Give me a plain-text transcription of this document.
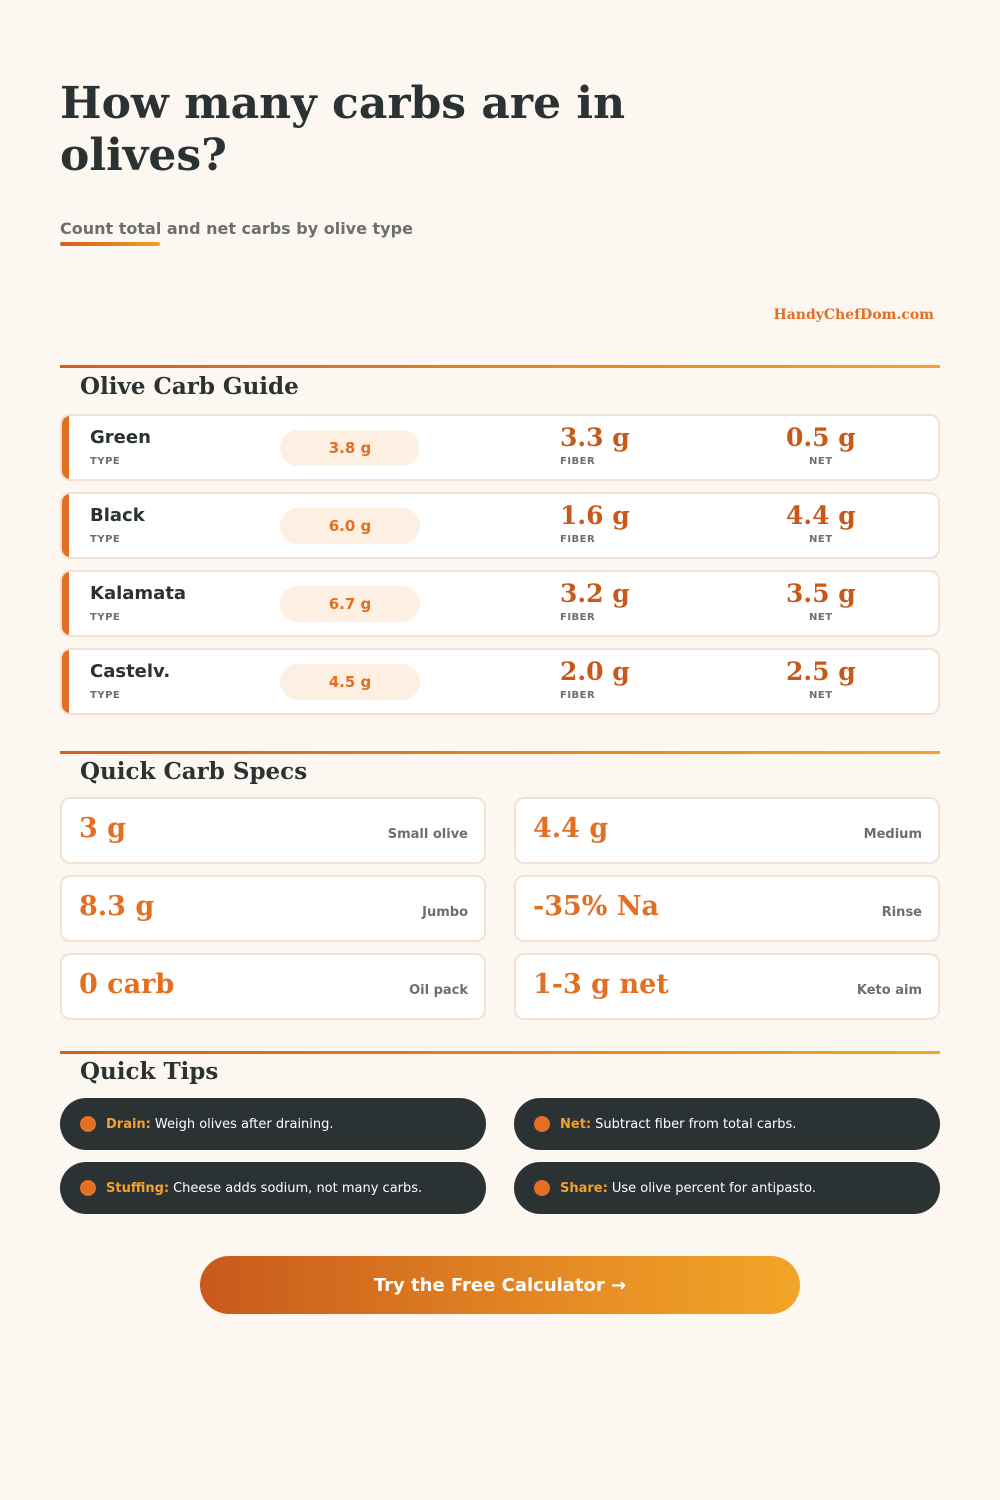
How many carbs are in olives?
Count total and net carbs by olive type
HandyChefDom.com
Olive Carb Guide
Green
TYPE
3.8 g	3.3 g
FIBER
0.5 g
NET
Black
TYPE
6.0 g	1.6 g
FIBER
4.4 g
NET
Kalamata
TYPE
6.7 g	3.2 g
FIBER
3.5 g
NET
Castelv.
TYPE
4.5 g	2.0 g
FIBER
2.5 g
NET
Quick Carb Specs
3 g	Small olive 4.4 g	Medium
8.3 g	Jumbo -35% Na	Rinse
0 carb	Oil pack 1-3 g net	Keto aim
Quick Tips
Drain: Weigh olives after draining.	Net: Subtract fiber from total carbs.
Stuffing: Cheese adds sodium, not many carbs.	Share: Use olive percent for antipasto.
Try the Free Calculator →
